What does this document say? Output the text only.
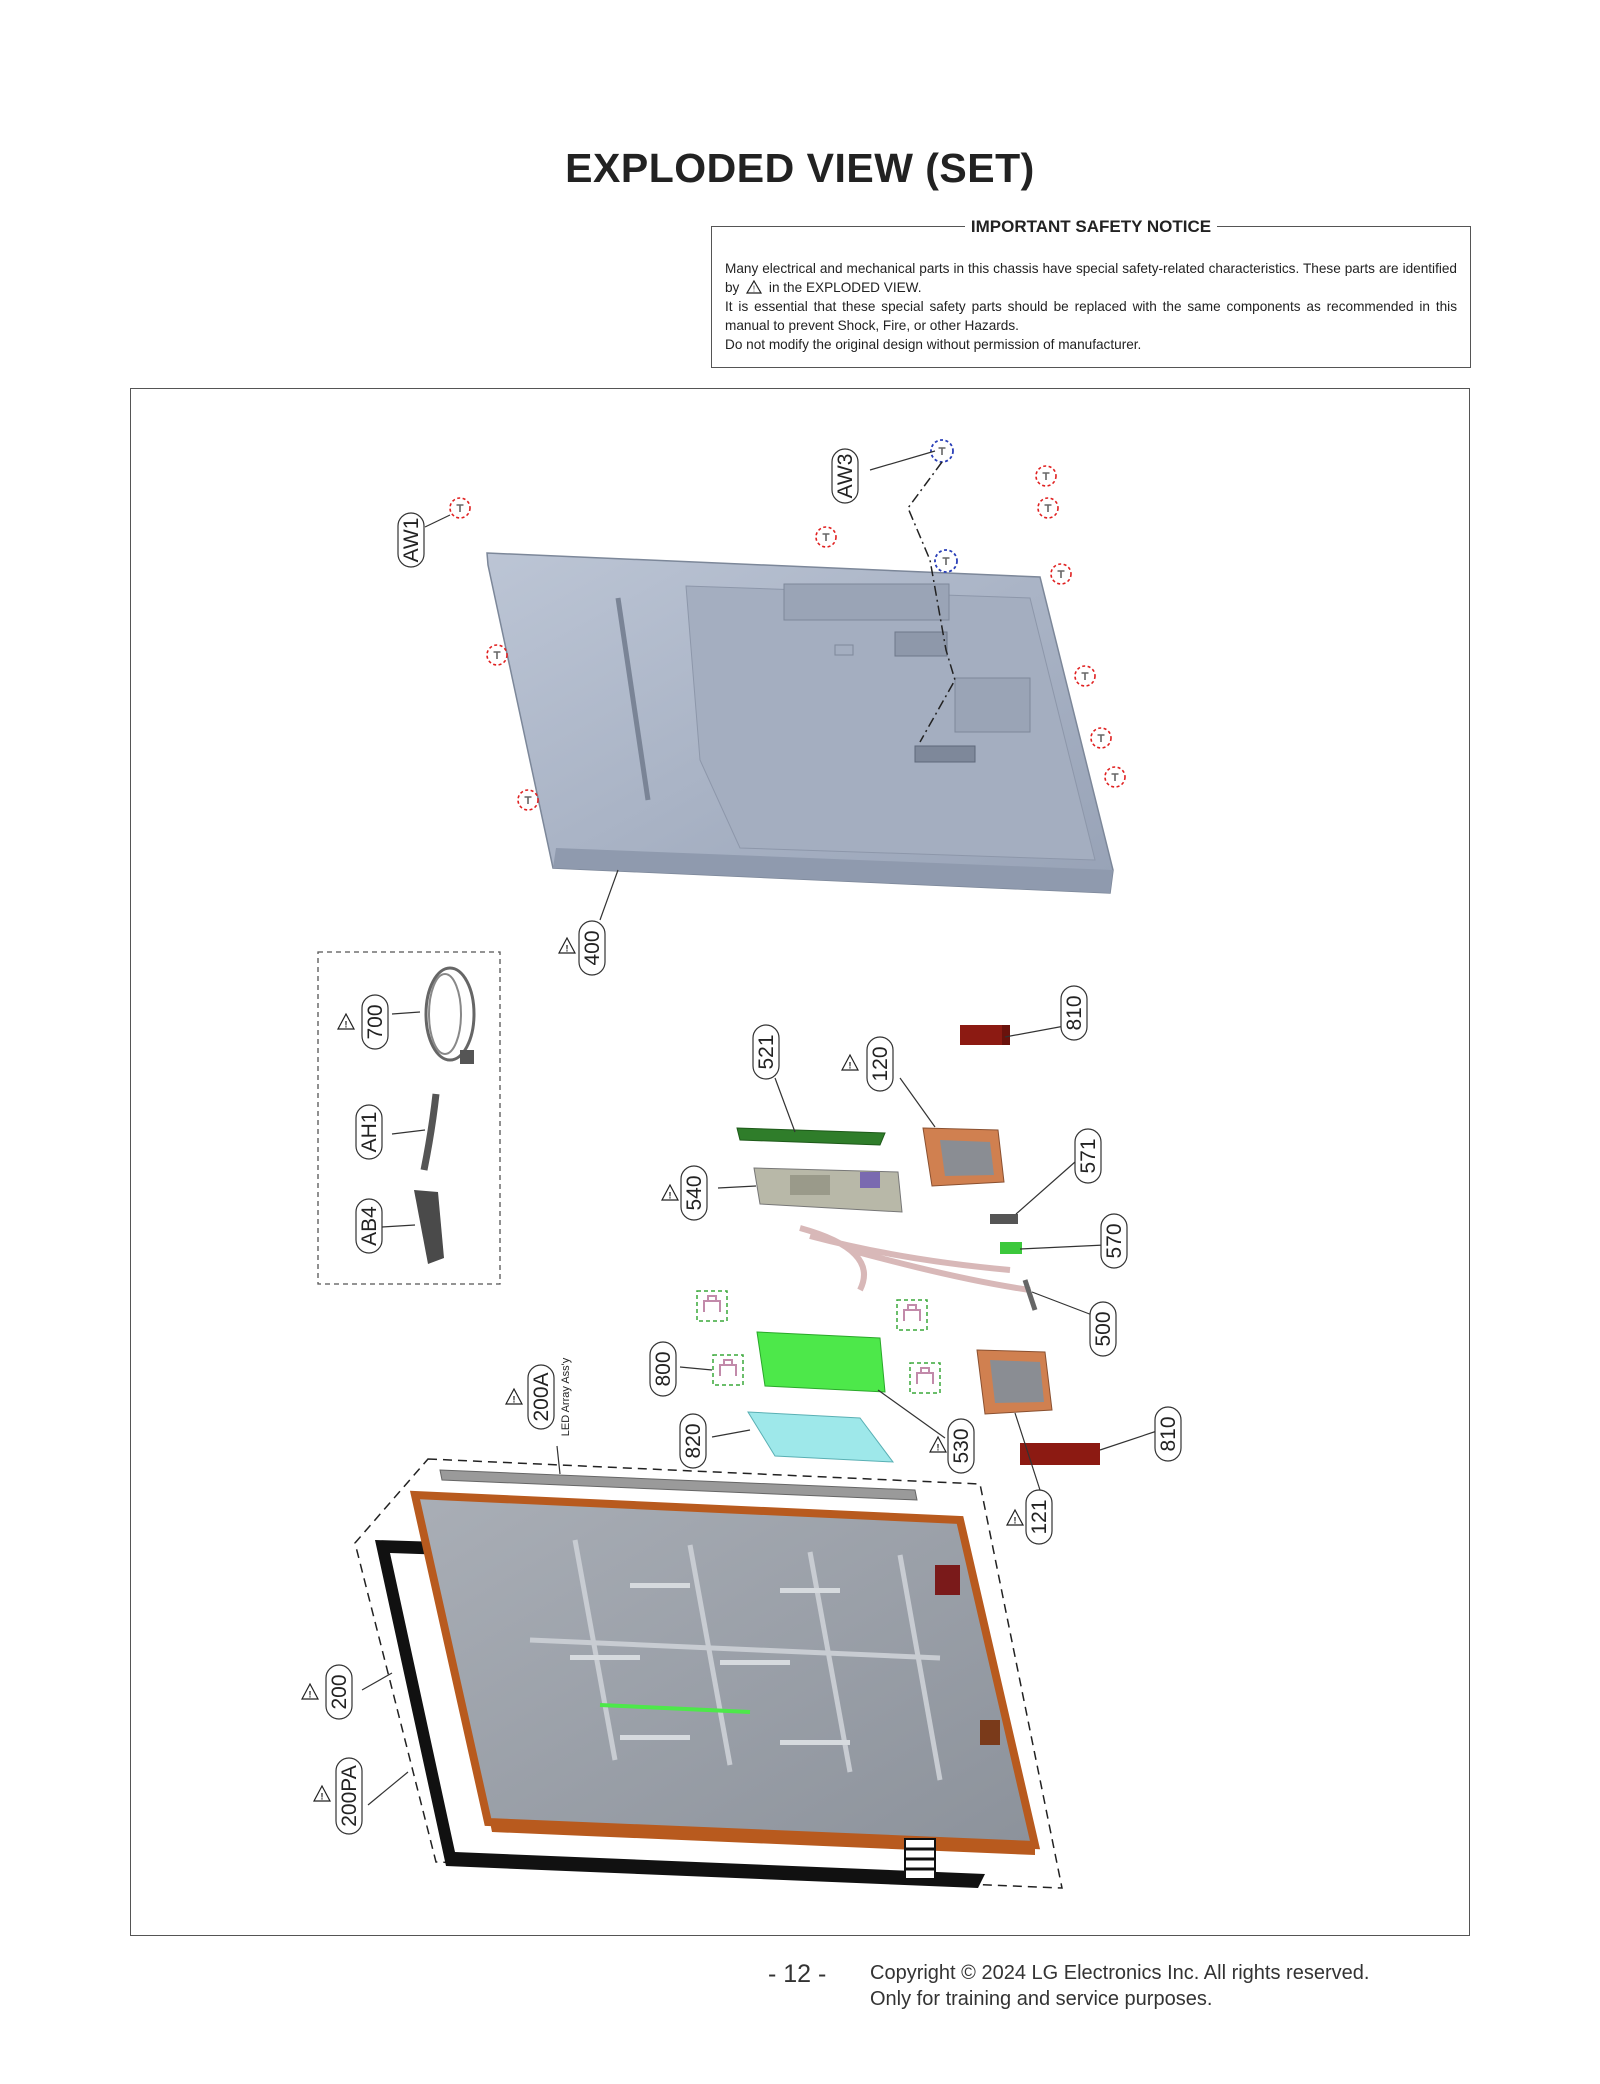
EXPLODED VIEW (SET)
IMPORTANT SAFETY NOTICE

Many electrical and mechanical parts in this chassis have special safety-related characteristics. These parts are identified by ! in the EXPLODED VIEW.

It is essential that these special safety parts should be replaced with the same components as recommended in this manual to prevent Shock, Fire, or other Hazards.

Do not modify the original design without permission of manufacturer.

AW1
AW3
400
700
AH1
AB4
810
521	120
571
540
570
500
800
200A LED Array Ass'y
820	530	810
121
200
200PA
- 12 - Copyright © 2024 LG Electronics Inc. All rights reserved.
Only for training and service purposes.
